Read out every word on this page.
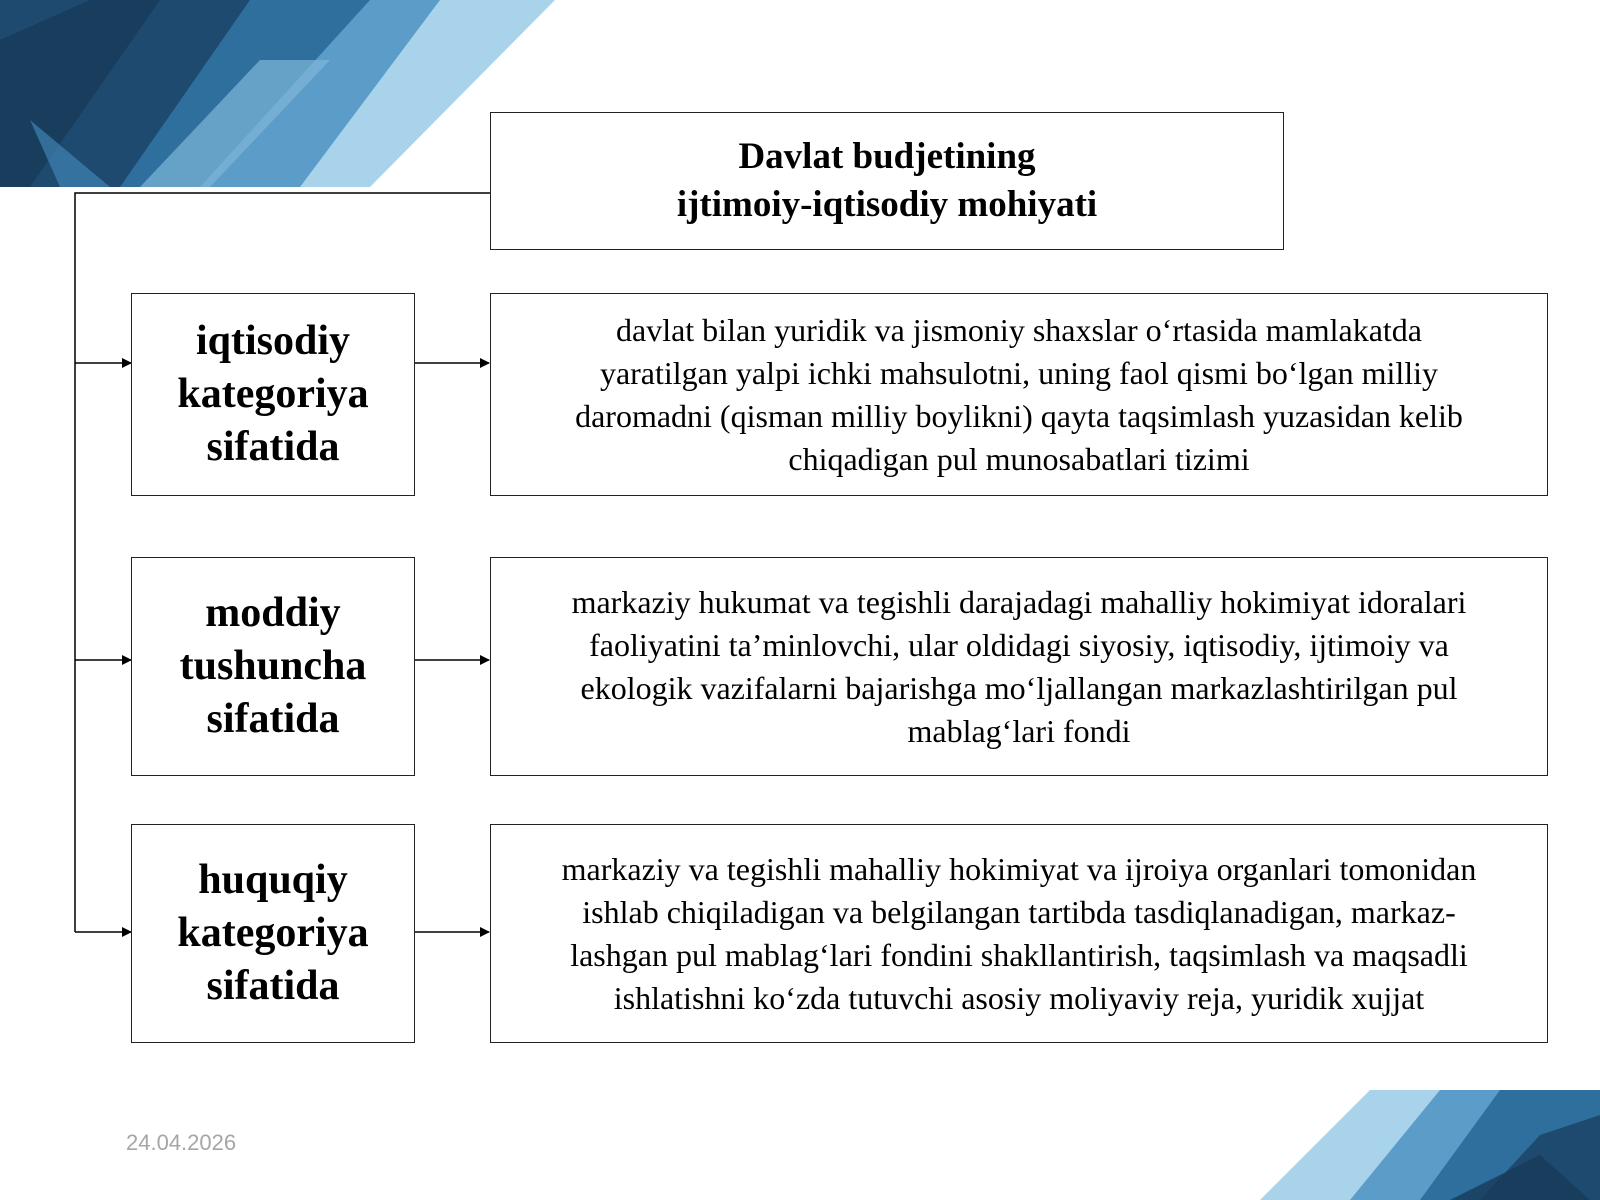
Davlat budjetining
ijtimoiy-iqtisodiy mohiyati
iqtisodiy
kategoriya
sifatida
davlat bilan yuridik va jismoniy shaxslar o‘rtasida mamlakatda
yaratilgan yalpi ichki mahsulotni, uning faol qismi bo‘lgan milliy
daromadni (qisman milliy boylikni) qayta taqsimlash yuzasidan kelib
chiqadigan pul munosabatlari tizimi
moddiy
tushuncha
sifatida
markaziy hukumat va tegishli darajadagi mahalliy hokimiyat idoralari
faoliyatini ta’minlovchi, ular oldidagi siyosiy, iqtisodiy, ijtimoiy va
ekologik vazifalarni bajarishga mo‘ljallangan markazlashtirilgan pul
mablag‘lari fondi
huquqiy
kategoriya
sifatida
markaziy va tegishli mahalliy hokimiyat va ijroiya organlari tomonidan
ishlab chiqiladigan va belgilangan tartibda tasdiqlanadigan, markaz-
lashgan pul mablag‘lari fondini shakllantirish, taqsimlash va maqsadli
ishlatishni ko‘zda tutuvchi asosiy moliyaviy reja, yuridik xujjat
24.04.2026
